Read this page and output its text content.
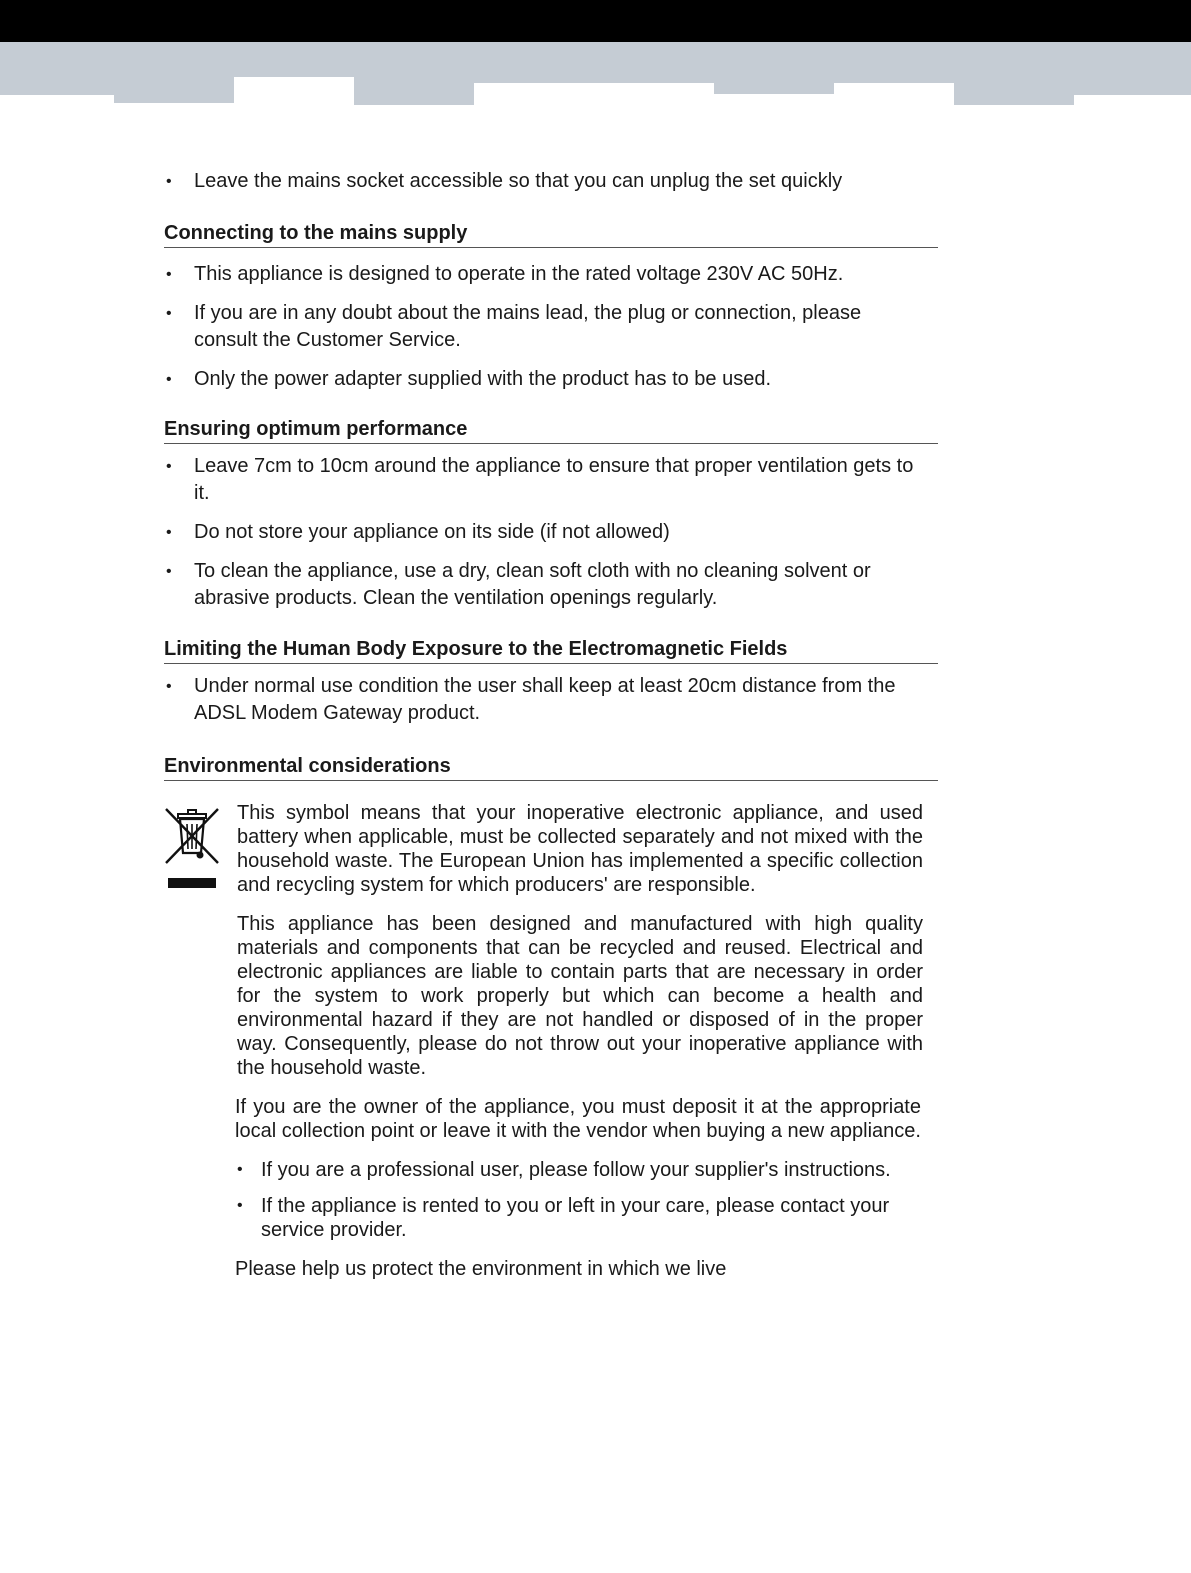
• Leave the mains socket accessible so that you can unplug the set quickly
Connecting to the mains supply
• This appliance is designed to operate in the rated voltage 230V AC 50Hz.
• If you are in any doubt about the mains lead, the plug or connection, please consult the Customer Service.
• Only the power adapter supplied with the product has to be used.
Ensuring optimum performance
• Leave 7cm to 10cm around the appliance to ensure that proper ventilation gets to it.
• Do not store your appliance on its side (if not allowed)
• To clean the appliance, use a dry, clean soft cloth with no cleaning solvent or abrasive products. Clean the ventilation openings regularly.
Limiting the Human Body Exposure to the Electromagnetic Fields
• Under normal use condition the user shall keep at least 20cm distance from the ADSL Modem Gateway product.
Environmental considerations
This symbol means that your inoperative electronic appliance, and used battery when applicable, must be collected separately and not mixed with the household waste. The European Union has implemented a specific collection and recycling system for which producers' are responsible.
This appliance has been designed and manufactured with high quality materials and components that can be recycled and reused. Electrical and electronic appliances are liable to contain parts that are necessary in order for the system to work properly but which can become a health and environmental hazard if they are not handled or disposed of in the proper way. Consequently, please do not throw out your inoperative appliance with the household waste.
If you are the owner of the appliance, you must deposit it at the appropriate local collection point or leave it with the vendor when buying a new appliance.
• If you are a professional user, please follow your supplier's instructions.
• If the appliance is rented to you or left in your care, please contact your service provider.
Please help us protect the environment in which we live
